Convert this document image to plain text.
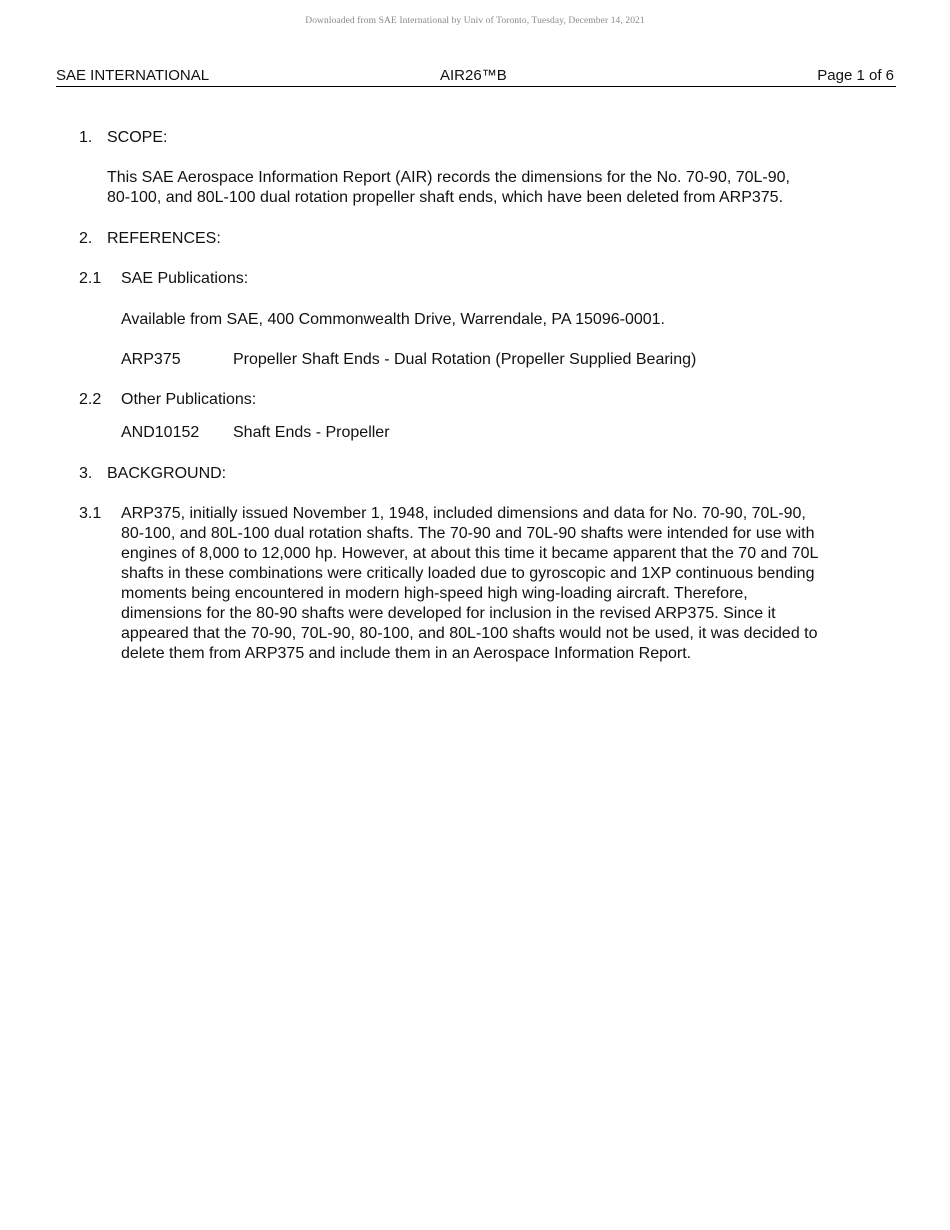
Downloaded from SAE International by Univ of Toronto, Tuesday, December 14, 2021
SAE INTERNATIONAL	AIR26™B	Page 1 of 6
1. SCOPE:
This SAE Aerospace Information Report (AIR) records the dimensions for the No. 70-90, 70L-90,
80-100, and 80L-100 dual rotation propeller shaft ends, which have been deleted from ARP375.
2. REFERENCES:
2.1 SAE Publications:
Available from SAE, 400 Commonwealth Drive, Warrendale, PA 15096-0001.
ARP375	Propeller Shaft Ends - Dual Rotation (Propeller Supplied Bearing)
2.2 Other Publications:
AND10152 Shaft Ends - Propeller
3. BACKGROUND:
3.1 ARP375, initially issued November 1, 1948, included dimensions and data for No. 70-90, 70L-90,
80-100, and 80L-100 dual rotation shafts. The 70-90 and 70L-90 shafts were intended for use with
engines of 8,000 to 12,000 hp. However, at about this time it became apparent that the 70 and 70L
shafts in these combinations were critically loaded due to gyroscopic and 1XP continuous bending
moments being encountered in modern high-speed high wing-loading aircraft. Therefore,
dimensions for the 80-90 shafts were developed for inclusion in the revised ARP375. Since it
appeared that the 70-90, 70L-90, 80-100, and 80L-100 shafts would not be used, it was decided to
delete them from ARP375 and include them in an Aerospace Information Report.
